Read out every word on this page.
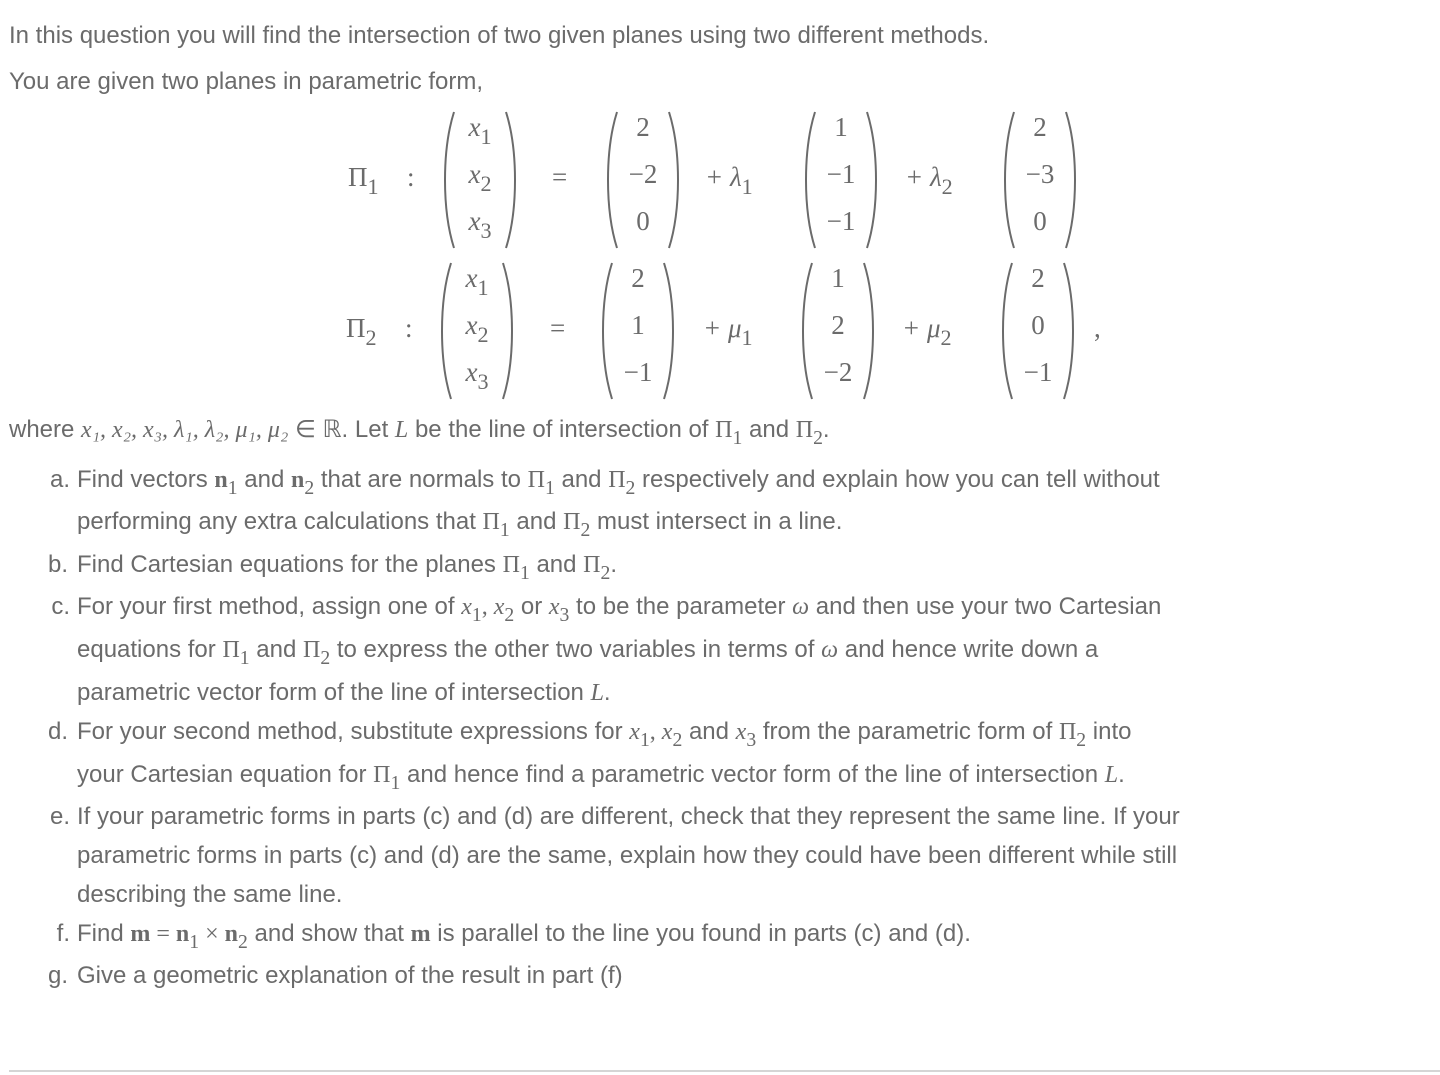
In this question you will find the intersection of two given planes using two different methods.
You are given two planes in parametric form,
$\Pi_1$ :
$x_1$
$x_2$
$x_3$
=
2
−2
0
+ $\lambda_1$
1
−1
−1
+ $\lambda_2$
2
−3
0
$\Pi_2$ :
$x_1$
$x_2$
$x_3$
=
2
1
−1
+ $\mu_1$
1
2
−2
+ $\mu_2$
2
0
−1
,
where x₁, x₂, x₃, λ₁, λ₂, μ₁, μ₂ ∈ ℝ. Let L be the line of intersection of $\Pi_1$ and $\Pi_2$.
a. Find vectors $n_1$ and $n_2$ that are normals to $\Pi_1$ and $\Pi_2$ respectively and explain how you can tell without
performing any extra calculations that $\Pi_1$ and $\Pi_2$ must intersect in a line.
b. Find Cartesian equations for the planes $\Pi_1$ and $\Pi_2$.
c. For your first method, assign one of $x_1$, $x_2$ or $x_3$ to be the parameter ω and then use your two Cartesian
equations for $\Pi_1$ and $\Pi_2$ to express the other two variables in terms of ω and hence write down a
parametric vector form of the line of intersection L.
d. For your second method, substitute expressions for $x_1$, $x_2$ and $x_3$ from the parametric form of $\Pi_2$ into
your Cartesian equation for $\Pi_1$ and hence find a parametric vector form of the line of intersection L.
e. If your parametric forms in parts (c) and (d) are different, check that they represent the same line. If your
parametric forms in parts (c) and (d) are the same, explain how they could have been different while still
describing the same line.
f. Find $m = n_1 \times n_2$ and show that m is parallel to the line you found in parts (c) and (d).
g. Give a geometric explanation of the result in part (f)
